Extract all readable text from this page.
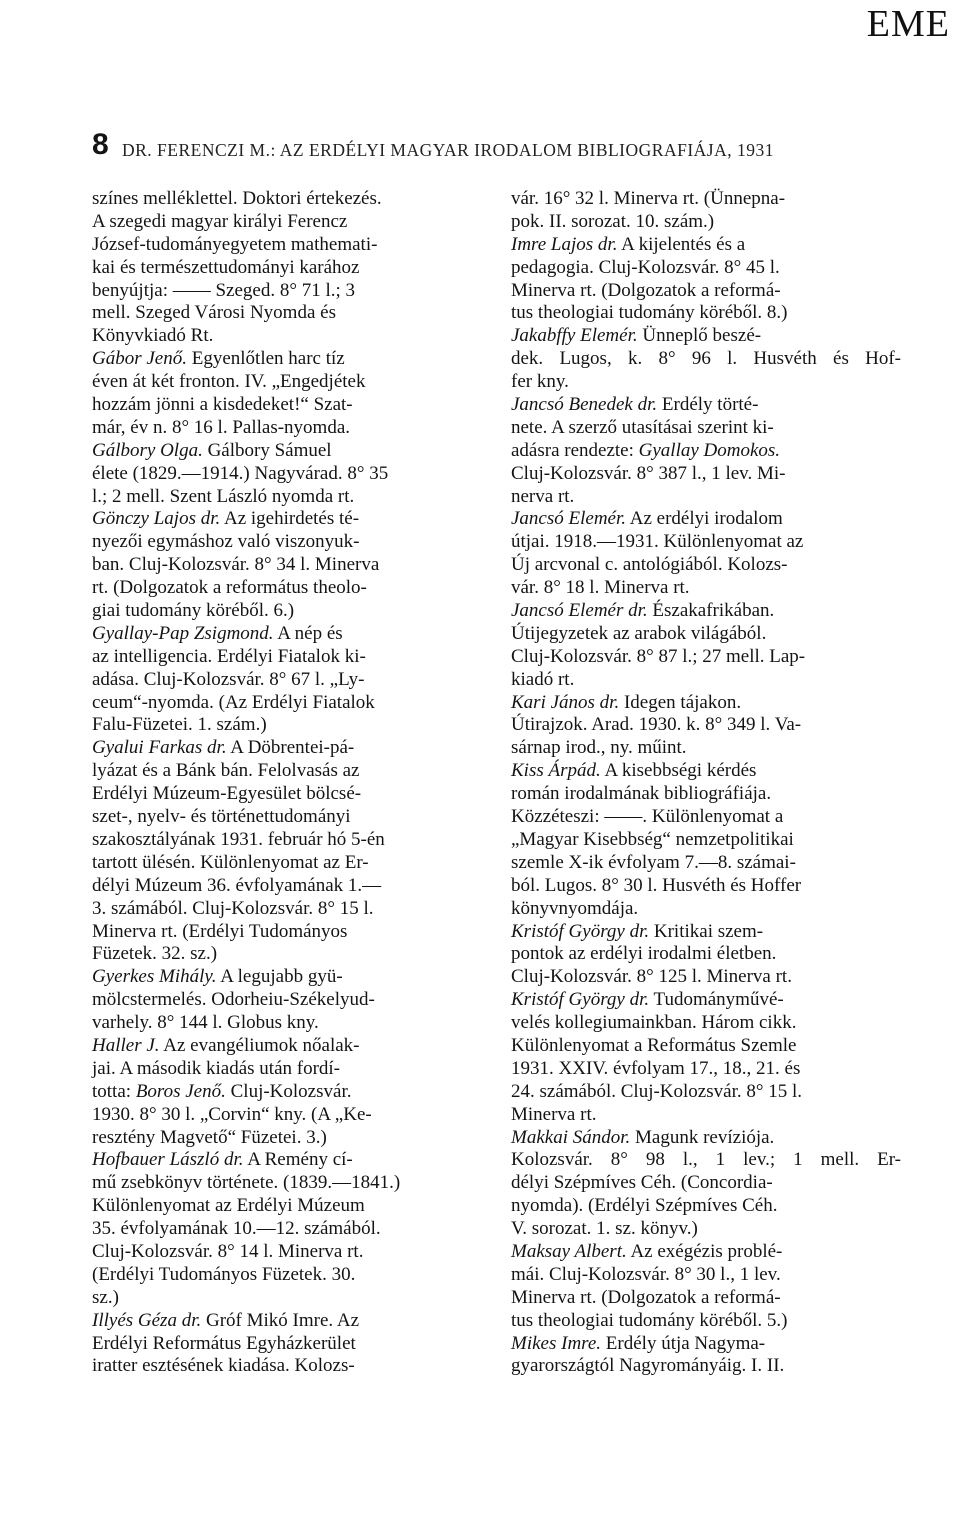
EME
8 DR. FERENCZI M.: AZ ERDÉLYI MAGYAR IRODALOM BIBLIOGRAFIÁJA, 1931
színes melléklettel. Doktori értekezés.
A szegedi magyar királyi Ferencz
József-tudományegyetem mathemati-
kai és természettudományi karához
benyújtja: —— Szeged. 8° 71 l.; 3
mell. Szeged Városi Nyomda és
Könyvkiadó Rt.
Gábor Jenő. Egyenlőtlen harc tíz
éven át két fronton. IV. „Engedjétek
hozzám jönni a kisdedeket!“ Szat-
már, év n. 8° 16 l. Pallas-nyomda.
Gálbory Olga. Gálbory Sámuel
élete (1829.—1914.) Nagyvárad. 8° 35
l.; 2 mell. Szent László nyomda rt.
Gönczy Lajos dr. Az igehirdetés té-
nyezői egymáshoz való viszonyuk-
ban. Cluj-Kolozsvár. 8° 34 l. Minerva
rt. (Dolgozatok a református theolo-
giai tudomány köréből. 6.)
Gyallay-Pap Zsigmond. A nép és
az intelligencia. Erdélyi Fiatalok ki-
adása. Cluj-Kolozsvár. 8° 67 l. „Ly-
ceum“-nyomda. (Az Erdélyi Fiatalok
Falu-Füzetei. 1. szám.)
Gyalui Farkas dr. A Döbrentei-pá-
lyázat és a Bánk bán. Felolvasás az
Erdélyi Múzeum-Egyesület bölcsé-
szet-, nyelv- és történettudományi
szakosztályának 1931. február hó 5-én
tartott ülésén. Különlenyomat az Er-
délyi Múzeum 36. évfolyamának 1.—
3. számából. Cluj-Kolozsvár. 8° 15 l.
Minerva rt. (Erdélyi Tudományos
Füzetek. 32. sz.)
Gyerkes Mihály. A legujabb gyü-
mölcstermelés. Odorheiu-Székelyud-
varhely. 8° 144 l. Globus kny.
Haller J. Az evangéliumok nőalak-
jai. A második kiadás után fordí-
totta: Boros Jenő. Cluj-Kolozsvár.
1930. 8° 30 l. „Corvin“ kny. (A „Ke-
resztény Magvető“ Füzetei. 3.)
Hofbauer László dr. A Remény cí-
mű zsebkönyv története. (1839.—1841.)
Különlenyomat az Erdélyi Múzeum
35. évfolyamának 10.—12. számából.
Cluj-Kolozsvár. 8° 14 l. Minerva rt.
(Erdélyi Tudományos Füzetek. 30.
sz.)
Illyés Géza dr. Gróf Mikó Imre. Az
Erdélyi Református Egyházkerület
iratter esztésének kiadása. Kolozs-
vár. 16° 32 l. Minerva rt. (Ünnepna-
pok. II. sorozat. 10. szám.)
Imre Lajos dr. A kijelentés és a
pedagogia. Cluj-Kolozsvár. 8° 45 l.
Minerva rt. (Dolgozatok a reformá-
tus theologiai tudomány köréből. 8.)
Jakabffy Elemér. Ünneplő beszé-
dek. Lugos, k. 8° 96 l. Husvéth és Hof-
fer kny.
Jancsó Benedek dr. Erdély törté-
nete. A szerző utasításai szerint ki-
adásra rendezte: Gyallay Domokos.
Cluj-Kolozsvár. 8° 387 l., 1 lev. Mi-
nerva rt.
Jancsó Elemér. Az erdélyi irodalom
útjai. 1918.—1931. Különlenyomat az
Új arcvonal c. antológiából. Kolozs-
vár. 8° 18 l. Minerva rt.
Jancsó Elemér dr. Északafrikában.
Útijegyzetek az arabok világából.
Cluj-Kolozsvár. 8° 87 l.; 27 mell. Lap-
kiadó rt.
Kari János dr. Idegen tájakon.
Útirajzok. Arad. 1930. k. 8° 349 l. Va-
sárnap irod., ny. műint.
Kiss Árpád. A kisebbségi kérdés
román irodalmának bibliográfiája.
Közzéteszi: ——. Különlenyomat a
„Magyar Kisebbség“ nemzetpolitikai
szemle X-ik évfolyam 7.—8. számai-
ból. Lugos. 8° 30 l. Husvéth és Hoffer
könyvnyomdája.
Kristóf György dr. Kritikai szem-
pontok az erdélyi irodalmi életben.
Cluj-Kolozsvár. 8° 125 l. Minerva rt.
Kristóf György dr. Tudományművé-
velés kollegiumainkban. Három cikk.
Különlenyomat a Református Szemle
1931. XXIV. évfolyam 17., 18., 21. és
24. számából. Cluj-Kolozsvár. 8° 15 l.
Minerva rt.
Makkai Sándor. Magunk revíziója.
Kolozsvár. 8° 98 l., 1 lev.; 1 mell. Er-
délyi Szépmíves Céh. (Concordia-
nyomda). (Erdélyi Szépmíves Céh.
V. sorozat. 1. sz. könyv.)
Maksay Albert. Az exégézis problé-
mái. Cluj-Kolozsvár. 8° 30 l., 1 lev.
Minerva rt. (Dolgozatok a reformá-
tus theologiai tudomány köréből. 5.)
Mikes Imre. Erdély útja Nagyma-
gyarországtól Nagyrományáig. I. II.
